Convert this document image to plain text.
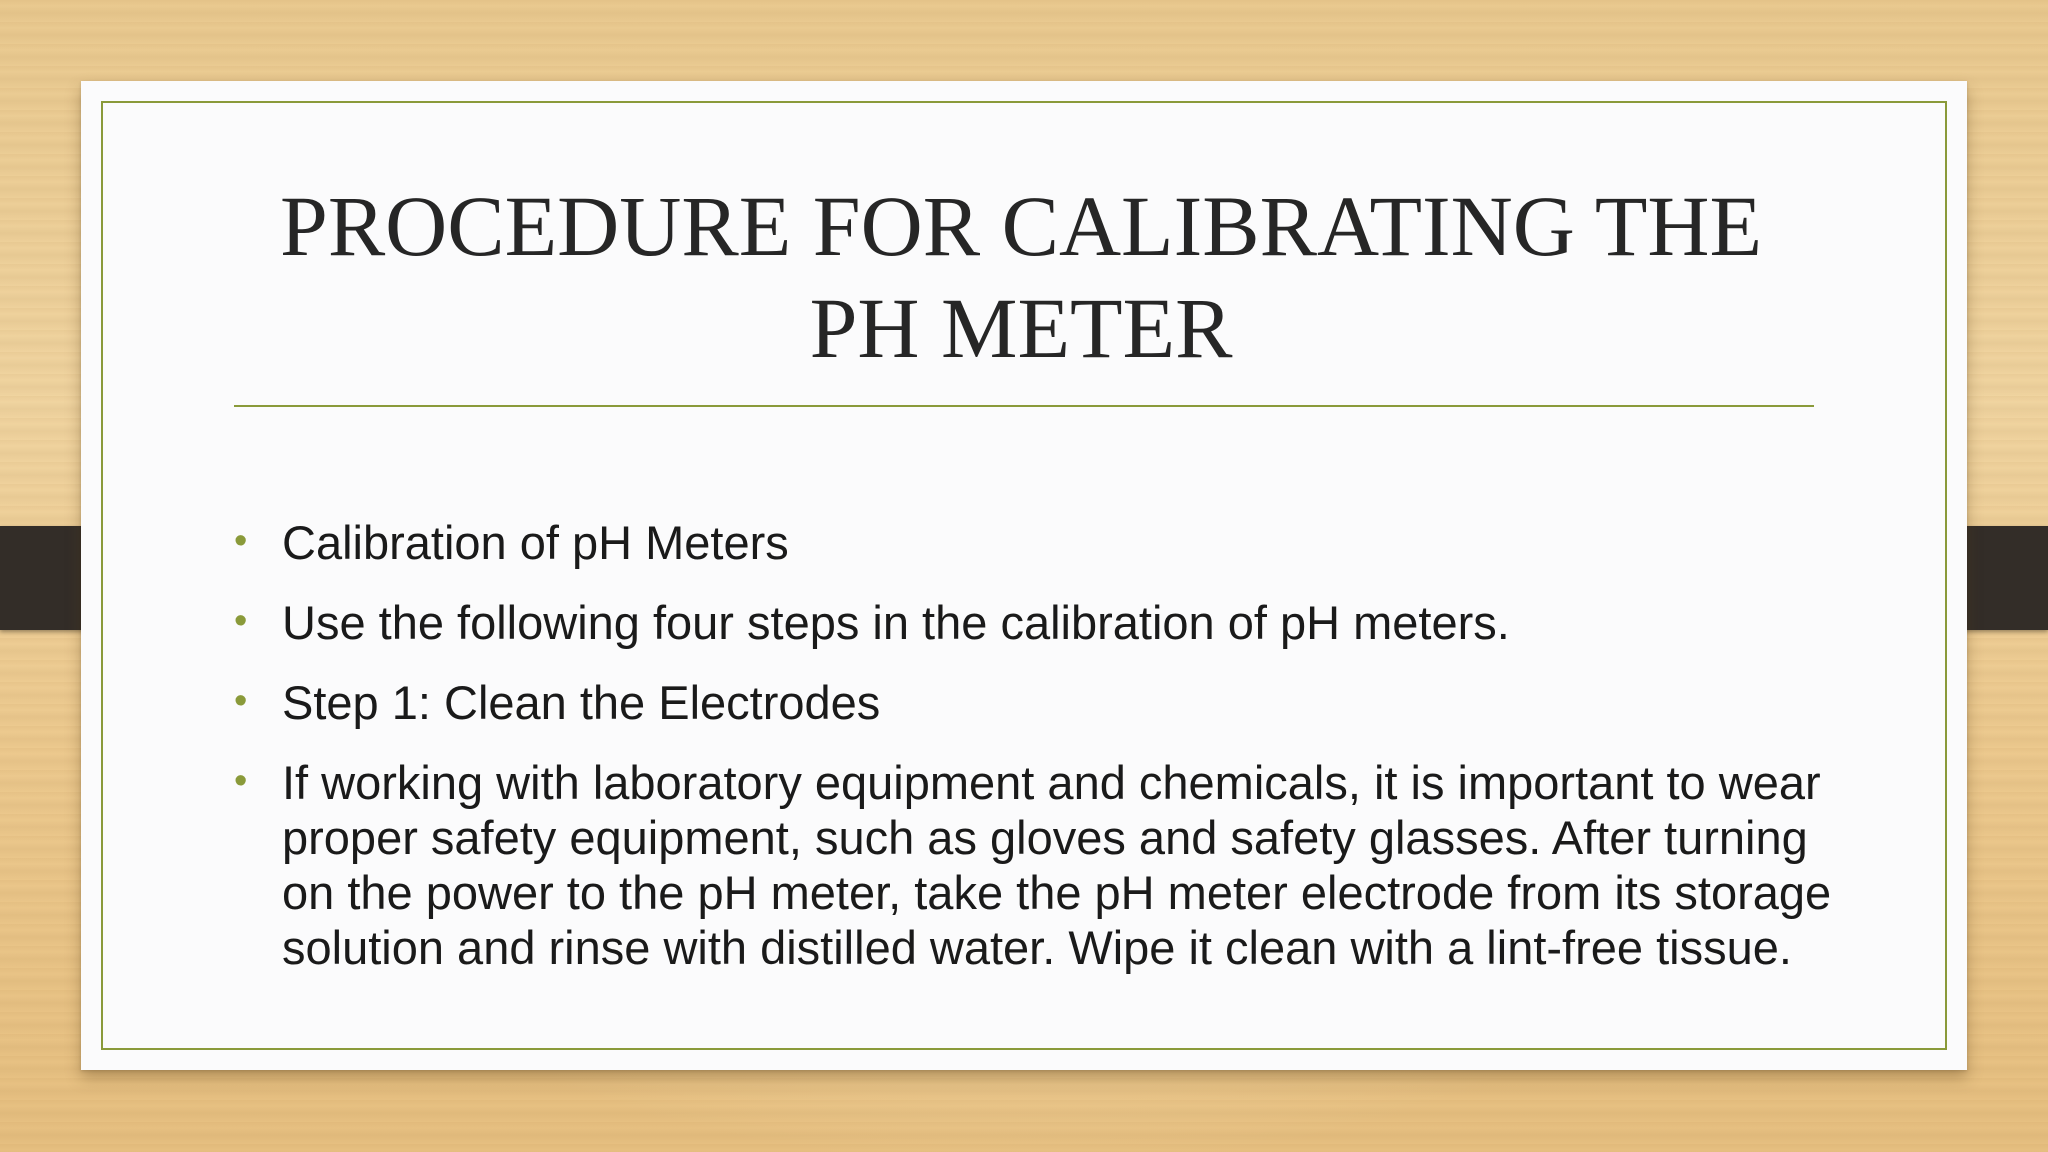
PROCEDURE FOR CALIBRATING THE PH METER
• Calibration of pH Meters
• Use the following four steps in the calibration of pH meters.
• Step 1: Clean the Electrodes
• If working with laboratory equipment and chemicals, it is important to wear proper safety equipment, such as gloves and safety glasses. After turning on the power to the pH meter, take the pH meter electrode from its storage solution and rinse with distilled water. Wipe it clean with a lint-free tissue.
